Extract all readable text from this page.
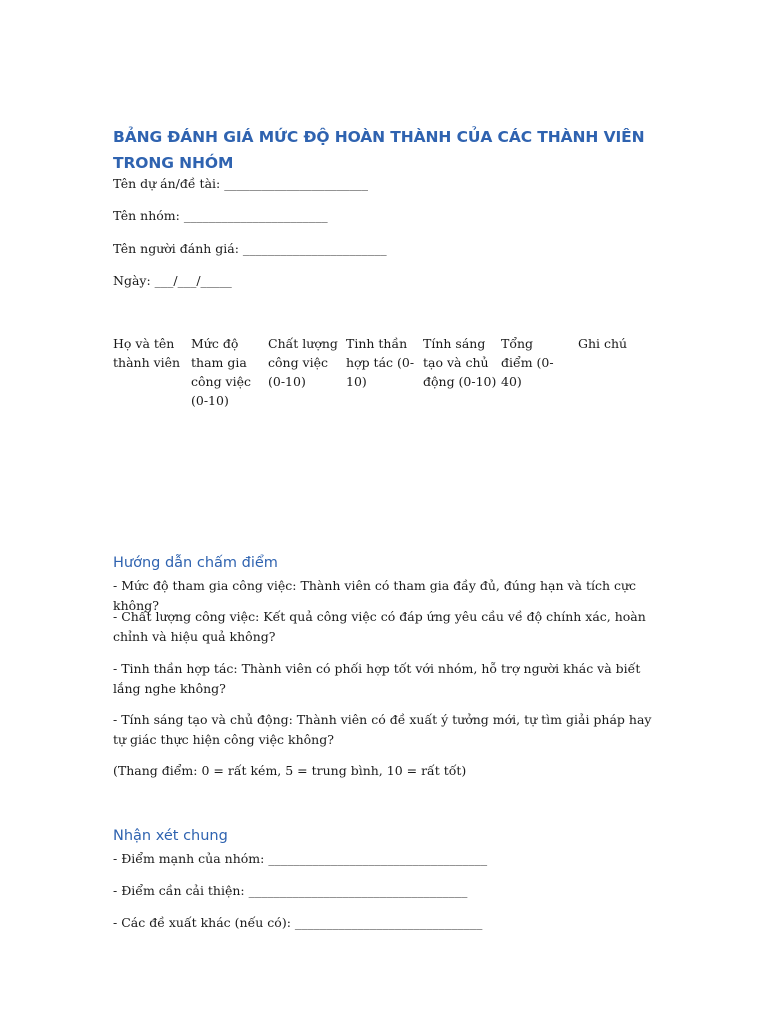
BẢNG ĐÁNH GIÁ MỨC ĐỘ HOÀN THÀNH CỦA CÁC THÀNH VIÊN TRONG NHÓM
Tên dự án/đề tài: _______________________
Tên nhóm: _______________________
Tên người đánh giá: _______________________
Ngày: ___/___/_____
Họ và tên thành viên
Mức độ tham gia công việc (0-10)
Chất lượng công việc (0-10)
Tinh thần hợp tác (0-10)
Tính sáng tạo và chủ động (0-10)
Tổng điểm (0-40)
Ghi chú
Hướng dẫn chấm điểm
- Mức độ tham gia công việc: Thành viên có tham gia đầy đủ, đúng hạn và tích cực không?
- Chất lượng công việc: Kết quả công việc có đáp ứng yêu cầu về độ chính xác, hoàn chỉnh và hiệu quả không?
- Tinh thần hợp tác: Thành viên có phối hợp tốt với nhóm, hỗ trợ người khác và biết lắng nghe không?
- Tính sáng tạo và chủ động: Thành viên có đề xuất ý tưởng mới, tự tìm giải pháp hay tự giác thực hiện công việc không?
(Thang điểm: 0 = rất kém, 5 = trung bình, 10 = rất tốt)
Nhận xét chung
- Điểm mạnh của nhóm: ___________________________________
- Điểm cần cải thiện: ___________________________________
- Các đề xuất khác (nếu có): ______________________________
